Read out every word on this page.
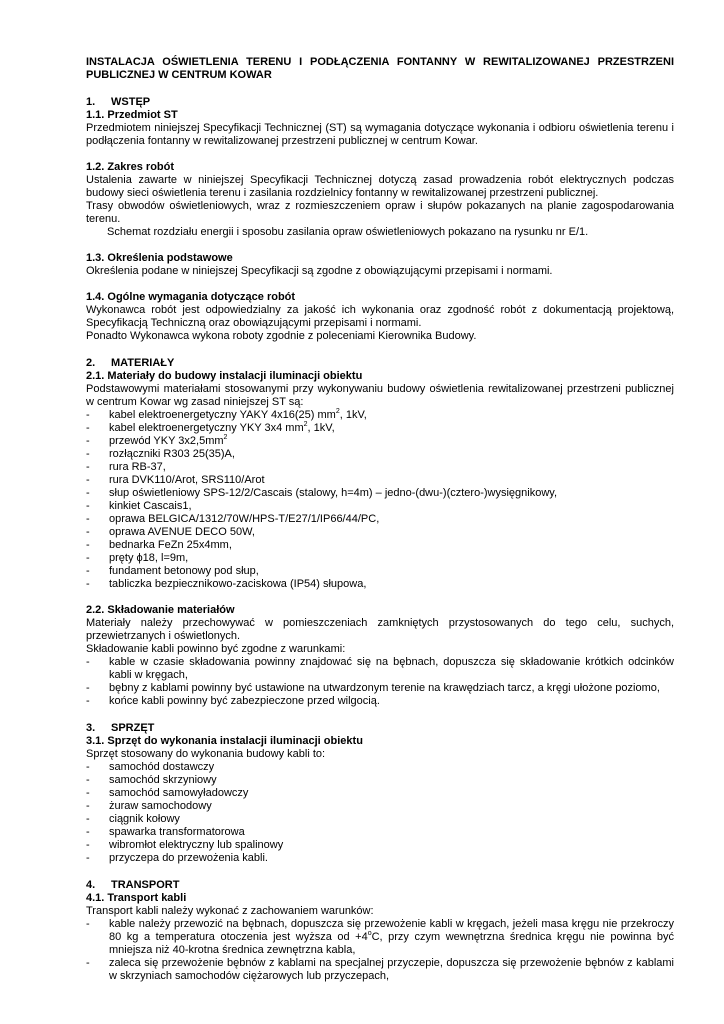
INSTALACJA OŚWIETLENIA TERENU I PODŁĄCZENIA FONTANNY W REWITALIZOWANEJ PRZESTRZENI PUBLICZNEJ W CENTRUM KOWAR

1.	WSTĘP

1.1. Przedmiot ST

Przedmiotem niniejszej Specyfikacji Technicznej (ST) są wymagania dotyczące wykonania i odbioru oświetlenia terenu i podłączenia fontanny w rewitalizowanej przestrzeni publicznej w centrum Kowar.

1.2. Zakres robót

Ustalenia zawarte w niniejszej Specyfikacji Technicznej dotyczą zasad prowadzenia robót elektrycznych podczas budowy sieci oświetlenia terenu i zasilania rozdzielnicy fontanny w rewitalizowanej przestrzeni publicznej.

Trasy obwodów oświetleniowych, wraz z rozmieszczeniem opraw i słupów pokazanych na planie zagospodarowania terenu.

Schemat rozdziału energii i sposobu zasilania opraw oświetleniowych pokazano na rysunku nr E/1.

1.3. Określenia podstawowe

Określenia podane w niniejszej Specyfikacji są zgodne z obowiązującymi przepisami i normami.

1.4. Ogólne wymagania dotyczące robót

Wykonawca robót jest odpowiedzialny za jakość ich wykonania oraz zgodność robót z dokumentacją projektową, Specyfikacją Techniczną oraz obowiązującymi przepisami i normami.

Ponadto Wykonawca wykona roboty zgodnie z poleceniami Kierownika Budowy.

2.	MATERIAŁY

2.1. Materiały do budowy instalacji iluminacji obiektu

Podstawowymi materiałami stosowanymi przy wykonywaniu budowy oświetlenia rewitalizowanej przestrzeni publicznej w centrum Kowar wg zasad niniejszej ST są:

-	kabel elektroenergetyczny YAKY 4x16(25) $mm^2$, 1kV,
-	kabel elektroenergetyczny YKY 3x4 $mm^2$, 1kV,
-	przewód YKY $3x2,5mm^2$
-	rozłączniki R303 25(35)A,
-	rura RB-37,
-	rura DVK110/Arot, SRS110/Arot
-	słup oświetleniowy SPS-12/2/Cascais (stalowy, h=4m) – jedno-(dwu-)(cztero-)wysięgnikowy,
-	kinkiet Cascais1,
-	oprawa BELGICA/1312/70W/HPS-T/E27/1/IP66/44/PC,
-	oprawa AVENUE DECO 50W,
-	bednarka FeZn 25x4mm,
-	pręty ϕ18, l=9m,
-	fundament betonowy pod słup,
-	tabliczka bezpiecznikowo-zaciskowa (IP54) słupowa,

2.2. Składowanie materiałów

Materiały należy przechowywać w pomieszczeniach zamkniętych przystosowanych do tego celu, suchych, przewietrzanych i oświetlonych.

Składowanie kabli powinno być zgodne z warunkami:

-	kable w czasie składowania powinny znajdować się na bębnach, dopuszcza się składowanie krótkich odcinków kabli w kręgach,
-	bębny z kablami powinny być ustawione na utwardzonym terenie na krawędziach tarcz, a kręgi ułożone poziomo,
-	końce kabli powinny być zabezpieczone przed wilgocią.
3.	SPRZĘT

3.1. Sprzęt do wykonania instalacji iluminacji obiektu

Sprzęt stosowany do wykonania budowy kabli to:

-	samochód dostawczy
-	samochód skrzyniowy
-	samochód samowyładowczy
-	żuraw samochodowy
-	ciągnik kołowy
-	spawarka transformatorowa
-	wibromłot elektryczny lub spalinowy
-	przyczepa do przewożenia kabli.
4.	TRANSPORT

4.1. Transport kabli

Transport kabli należy wykonać z zachowaniem warunków:

-	kable należy przewozić na bębnach, dopuszcza się przewożenie kabli w kręgach, jeżeli masa kręgu nie przekroczy 80 kg a temperatura otoczenia jest wyższa od $+4^oC$, przy czym wewnętrzna średnica kręgu nie powinna być mniejsza niż 40-krotna średnica zewnętrzna kabla,
-	zaleca się przewożenie bębnów z kablami na specjalnej przyczepie, dopuszcza się przewożenie bębnów z kablami w skrzyniach samochodów ciężarowych lub przyczepach,
